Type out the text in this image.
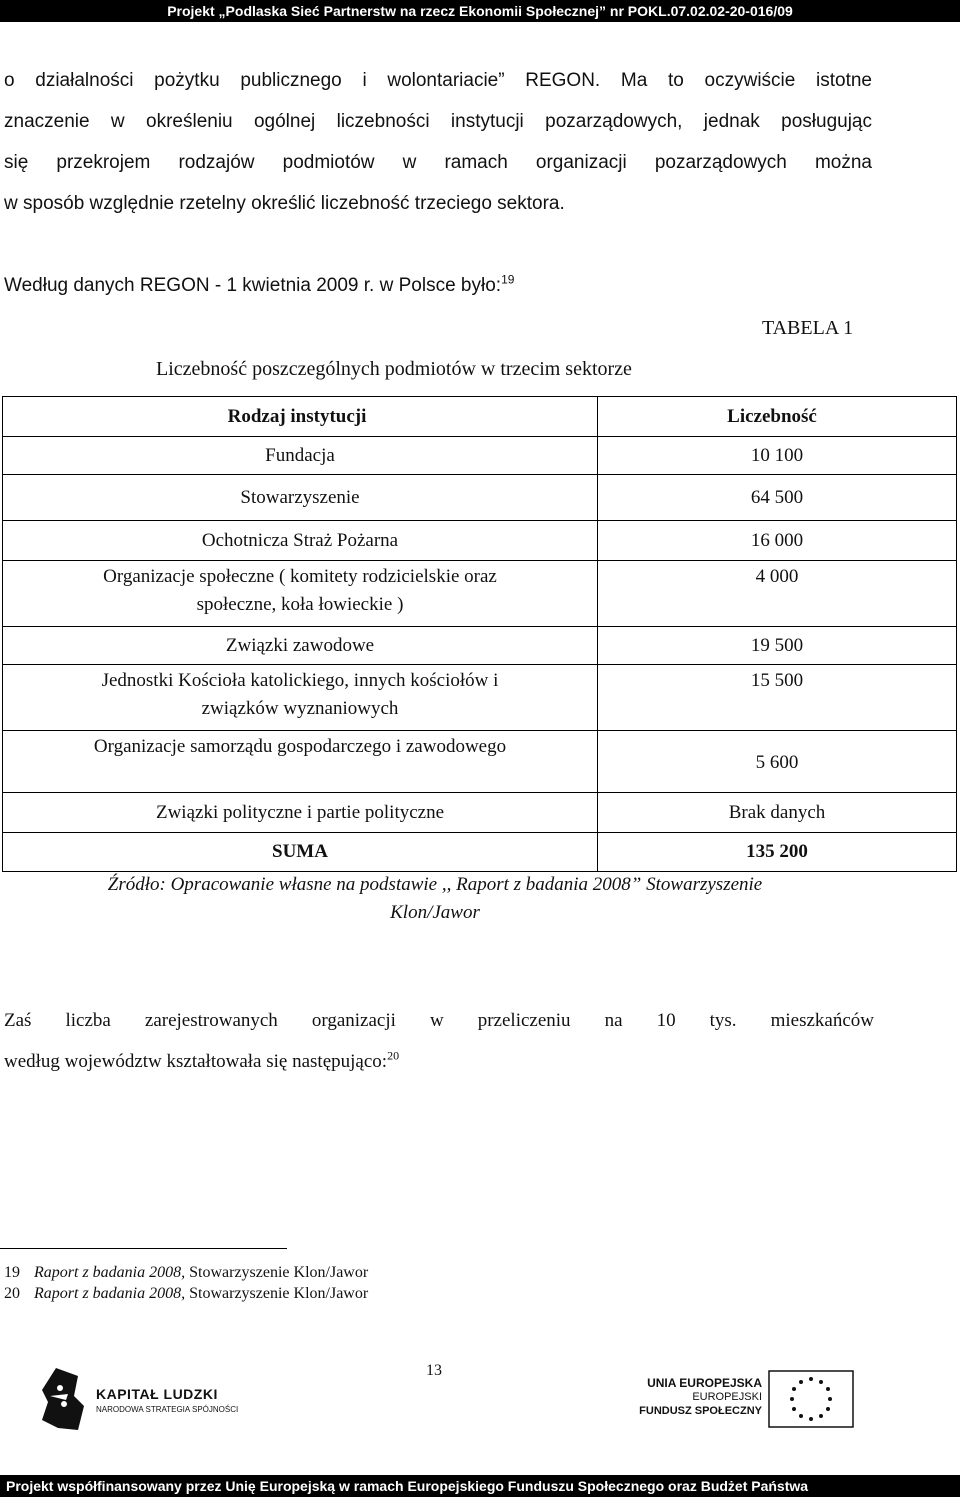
Projekt „Podlaska Sieć Partnerstw na rzecz Ekonomii Społecznej” nr POKL.07.02.02-20-016/09
o działalności pożytku publicznego i wolontariacie” REGON. Ma to oczywiście istotne
znaczenie w określeniu ogólnej liczebności instytucji pozarządowych, jednak posługując
się przekrojem rodzajów podmiotów w ramach organizacji pozarządowych można
w sposób względnie rzetelny określić liczebność trzeciego sektora.
Według danych REGON - 1 kwietnia 2009 r. w Polsce było:$^{19}$
TABELA 1
Liczebność poszczególnych podmiotów w trzecim sektorze
Rodzaj instytucji	Liczebność
Fundacja	10 100
Stowarzyszenie	64 500
Ochotnicza Straż Pożarna	16 000
Organizacje społeczne ( komitety rodzicielskie oraz społeczne, koła łowieckie )	4 000
Związki zawodowe	19 500
Jednostki Kościoła katolickiego, innych kościołów i związków wyznaniowych	15 500
Organizacje samorządu gospodarczego i zawodowego	5 600
Związki polityczne i partie polityczne	Brak danych
SUMA	135 200
Źródło: Opracowanie własne na podstawie ,, Raport z badania 2008” Stowarzyszenie
Klon/Jawor
Zaś liczba zarejestrowanych organizacji w przeliczeniu na 10 tys. mieszkańców
według województw kształtowała się następująco:$^{20}$
19 Raport z badania 2008, Stowarzyszenie Klon/Jawor
20 Raport z badania 2008, Stowarzyszenie Klon/Jawor
13
KAPITAŁ LUDZKI
NARODOWA STRATEGIA SPÓJNOŚCI
UNIA EUROPEJSKA
EUROPEJSKI
FUNDUSZ SPOŁECZNY
Projekt współfinansowany przez Unię Europejską w ramach Europejskiego Funduszu Społecznego oraz Budżet Państwa
